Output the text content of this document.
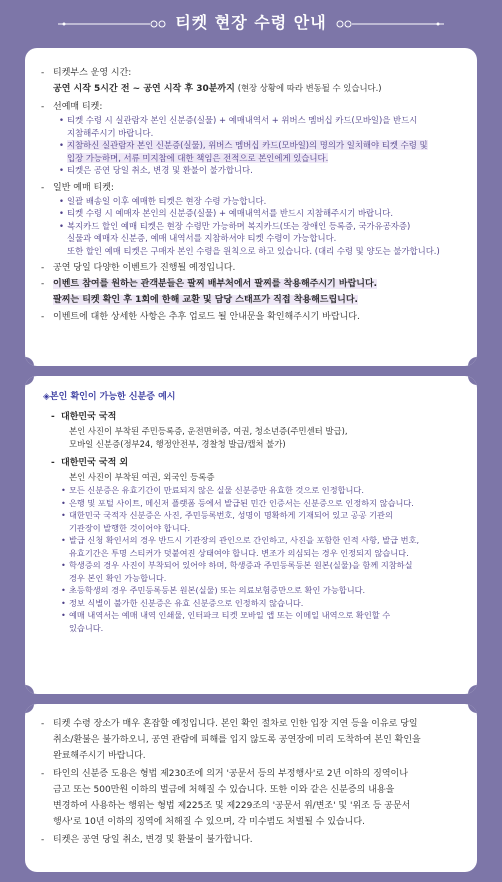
티켓 현장 수령 안내
- 티켓부스 운영 시간:
공연 시작 5시간 전 ~ 공연 시작 후 30분까지 (현장 상황에 따라 변동될 수 있습니다.)
- 선예매 티켓:
• 티켓 수령 시 실관람자 본인 신분증(실물) + 예매내역서 + 위버스 멤버십 카드(모바일)을 반드시
지참해주시기 바랍니다.
• 지참하신 실관람자 본인 신분증(실물), 위버스 멤버십 카드(모바일)의 명의가 일치해야 티켓 수령 및
입장 가능하며, 서류 미지참에 대한 책임은 전적으로 본인에게 있습니다.
• 티켓은 공연 당일 취소, 변경 및 환불이 불가합니다.
- 일반 예매 티켓:
• 일괄 배송일 이후 예매한 티켓은 현장 수령 가능합니다.
• 티켓 수령 시 예매자 본인의 신분증(실물) + 예매내역서를 반드시 지참해주시기 바랍니다.
• 복지카드 할인 예매 티켓은 현장 수령만 가능하며 복지카드(또는 장애인 등록증, 국가유공자증)
실물과 예매자 신분증, 예매 내역서를 지참하셔야 티켓 수령이 가능합니다.
또한 할인 예매 티켓은 구매자 본인 수령을 원칙으로 하고 있습니다. (대리 수령 및 양도는 불가합니다.)
- 공연 당일 다양한 이벤트가 진행될 예정입니다.
- 이벤트 참여를 원하는 관객분들은 팔찌 배부처에서 팔찌를 착용해주시기 바랍니다.
팔찌는 티켓 확인 후 1회에 한해 교환 및 담당 스태프가 직접 착용해드립니다.
- 이벤트에 대한 상세한 사항은 추후 업로드 될 안내문을 확인해주시기 바랍니다.
◈본인 확인이 가능한 신분증 예시
- 대한민국 국적
본인 사진이 부착된 주민등록증, 운전면허증, 여권, 청소년증(주민센터 발급),
모바일 신분증(정부24, 행정안전부, 경찰청 발급/캡처 불가)
- 대한민국 국적 외
본인 사진이 부착된 여권, 외국인 등록증
• 모든 신분증은 유효기간이 만료되지 않은 실물 신분증만 유효한 것으로 인정합니다.
• 은행 및 포털 사이트, 메신저 플랫폼 등에서 발급된 민간 인증서는 신분증으로 인정하지 않습니다.
• 대한민국 국적자 신분증은 사진, 주민등록번호, 성명이 명확하게 기재되어 있고 공공 기관의
기관장이 발행한 것이어야 합니다.
• 발급 신청 확인서의 경우 반드시 기관장의 관인으로 간인하고, 사진을 포함한 인적 사항, 발급 번호,
유효기간은 투명 스티커가 덧붙여진 상태여야 합니다. 변조가 의심되는 경우 인정되지 않습니다.
• 학생증의 경우 사진이 부착되어 있어야 하며, 학생증과 주민등록등본 원본(실물)을 함께 지참하실
경우 본인 확인 가능합니다.
• 초등학생의 경우 주민등록등본 원본(실물) 또는 의료보험증만으로 확인 가능합니다.
• 정보 식별이 불가한 신분증은 유효 신분증으로 인정하지 않습니다.
• 예매 내역서는 예매 내역 인쇄물, 인터파크 티켓 모바일 앱 또는 이메일 내역으로 확인할 수
있습니다.
- 티켓 수령 장소가 매우 혼잡할 예정입니다. 본인 확인 절차로 인한 입장 지연 등을 이유로 당일
취소/환불은 불가하오니, 공연 관람에 피해를 입지 않도록 공연장에 미리 도착하여 본인 확인을
완료해주시기 바랍니다.
- 타인의 신분증 도용은 형법 제230조에 의거 '공문서 등의 부정행사'로 2년 이하의 징역이나
금고 또는 500만원 이하의 벌금에 처해질 수 있습니다. 또한 이와 같은 신분증의 내용을
변경하여 사용하는 행위는 형법 제225조 및 제229조의 '공문서 위/변조' 및 '위조 등 공문서
행사'로 10년 이하의 징역에 처해질 수 있으며, 각 미수범도 처벌될 수 있습니다.
- 티켓은 공연 당일 취소, 변경 및 환불이 불가합니다.
